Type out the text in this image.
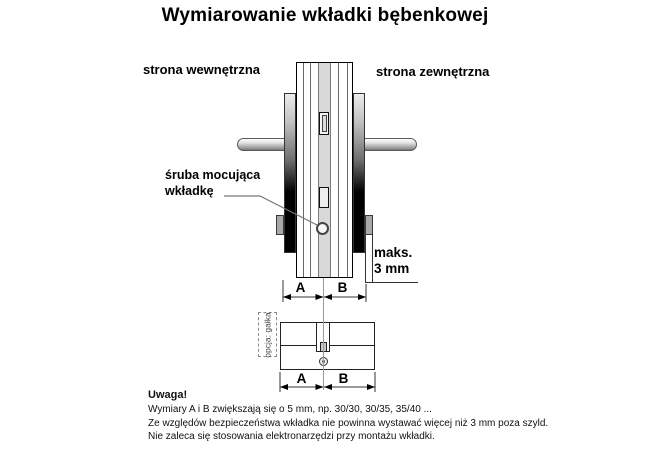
Wymiarowanie wkładki bębenkowej
strona wewnętrzna	strona zewnętrzna
śruba mocująca
wkładkę
maks.
3 mm
A	B
opcja: gałka
A	B
Uwaga!
Wymiary A i B zwiększają się o 5 mm, np. 30/30, 30/35, 35/40 ...
Ze względów bezpieczeństwa wkładka nie powinna wystawać więcej niż 3 mm poza szyld.
Nie zaleca się stosowania elektronarzędzi przy montażu wkładki.
